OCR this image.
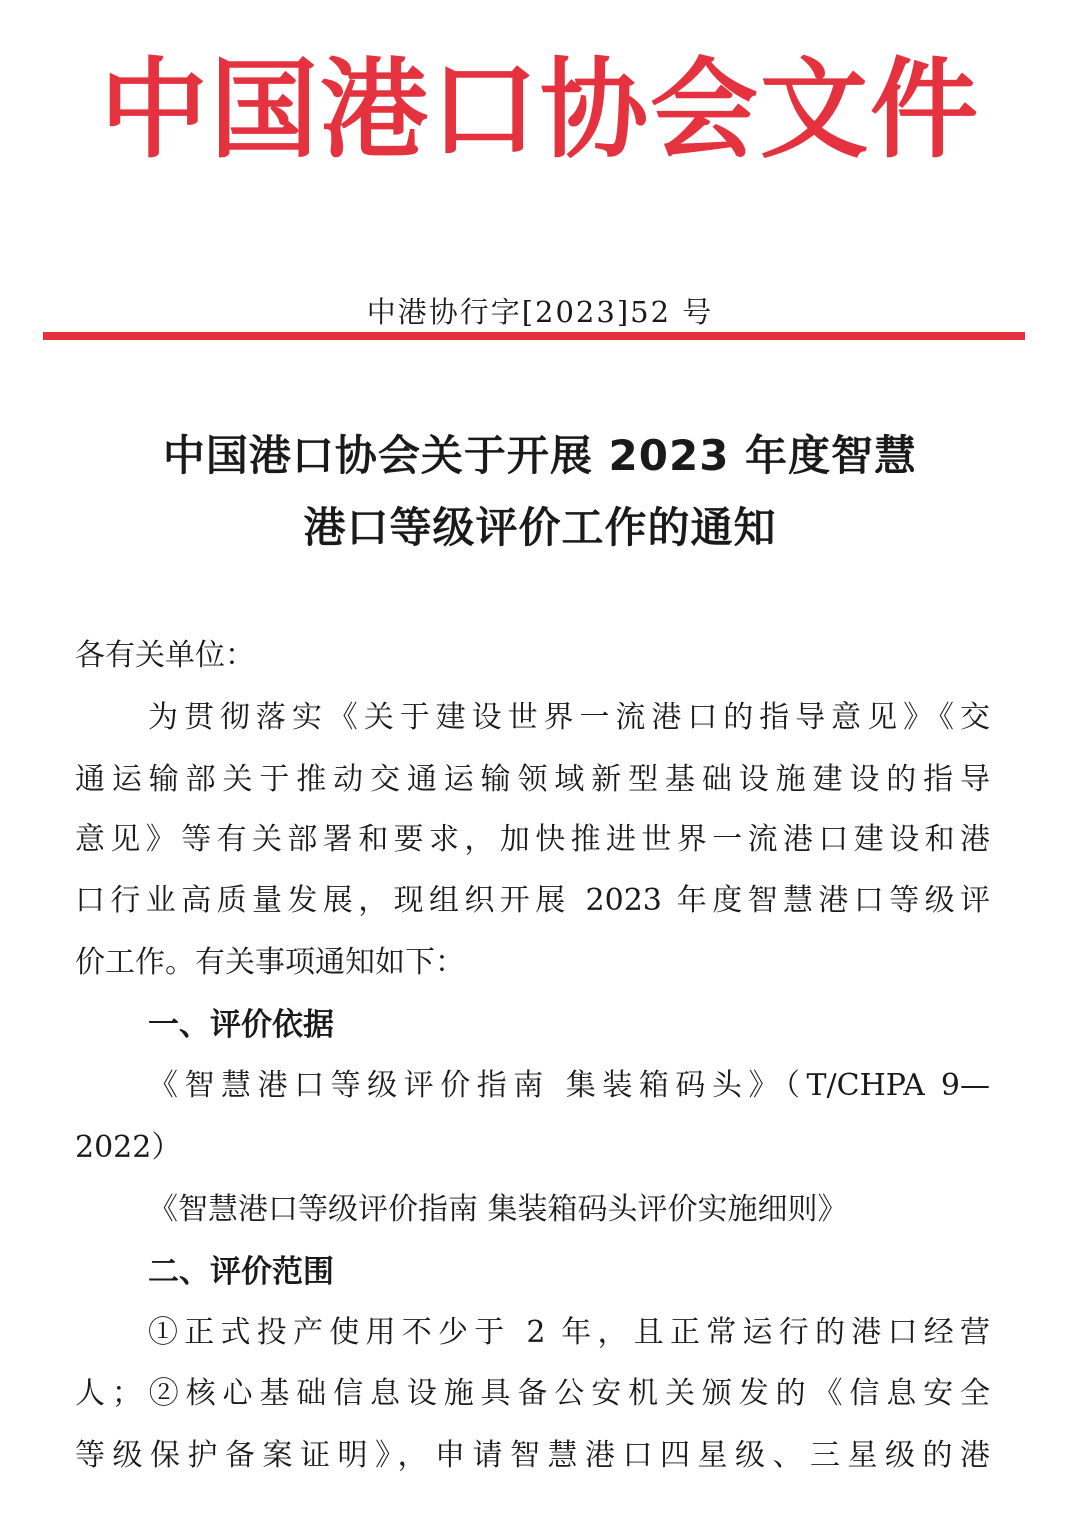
中国港口协会文件
中港协行字[2023]52 号
中国港口协会关于开展 2023 年度智慧
港口等级评价工作的通知
各有关单位：
为贯彻落实《关于建设世界一流港口的指导意见》《交
通运输部关于推动交通运输领域新型基础设施建设的指导
意见》等有关部署和要求，加快推进世界一流港口建设和港
口行业高质量发展，现组织开展 2023 年度智慧港口等级评
价工作。有关事项通知如下：
一、评价依据
《智慧港口等级评价指南 集装箱码头》（T/CHPA 9—
2022）
《智慧港口等级评价指南 集装箱码头评价实施细则》
二、评价范围
①正式投产使用不少于 2 年，且正常运行的港口经营
人；②核心基础信息设施具备公安机关颁发的《信息安全
等级保护备案证明》，申请智慧港口四星级、三星级的港
